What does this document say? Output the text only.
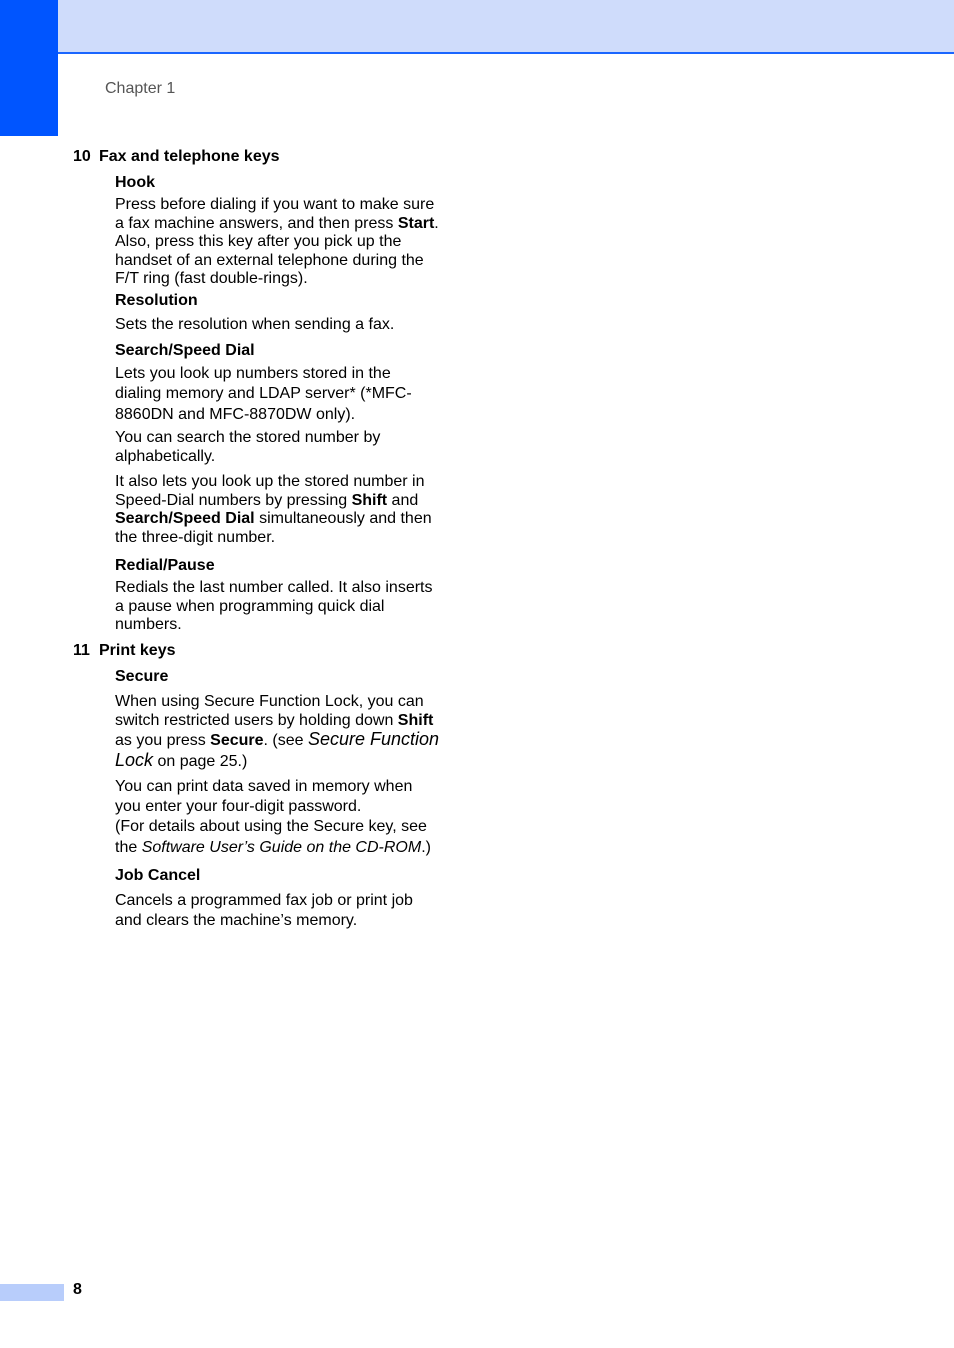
Chapter 1
10 Fax and telephone keys
Hook
Press before dialing if you want to make sure a fax machine answers, and then press Start. Also, press this key after you pick up the handset of an external telephone during the F/T ring (fast double-rings).
Resolution
Sets the resolution when sending a fax.
Search/Speed Dial
Lets you look up numbers stored in the dialing memory and LDAP server* (*MFC-8860DN and MFC-8870DW only).
You can search the stored number by alphabetically.
It also lets you look up the stored number in Speed-Dial numbers by pressing Shift and Search/Speed Dial simultaneously and then the three-digit number.
Redial/Pause
Redials the last number called. It also inserts a pause when programming quick dial numbers.
11 Print keys
Secure
When using Secure Function Lock, you can switch restricted users by holding down Shift as you press Secure. (see Secure Function Lock on page 25.)
You can print data saved in memory when you enter your four-digit password.
(For details about using the Secure key, see the Software User’s Guide on the CD-ROM.)
Job Cancel
Cancels a programmed fax job or print job and clears the machine’s memory.
8
